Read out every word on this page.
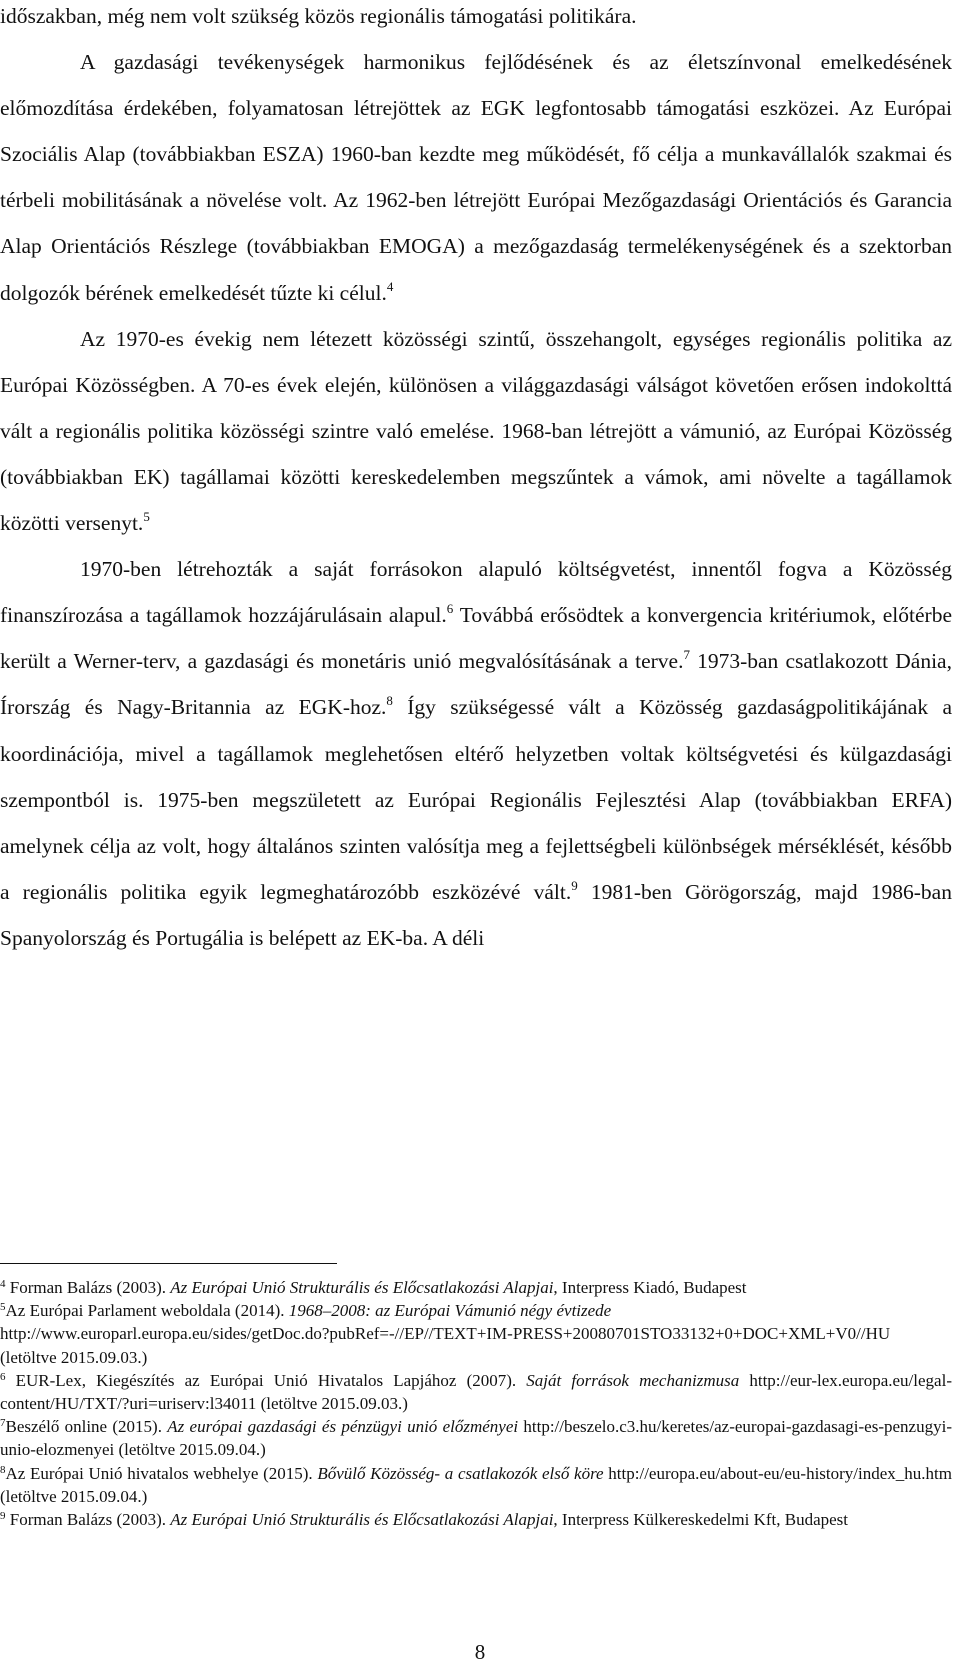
időszakban, még nem volt szükség közös regionális támogatási politikára.

A gazdasági tevékenységek harmonikus fejlődésének és az életszínvonal emelkedésének előmozdítása érdekében, folyamatosan létrejöttek az EGK legfontosabb támogatási eszközei. Az Európai Szociális Alap (továbbiakban ESZA) 1960-ban kezdte meg működését, fő célja a munkavállalók szakmai és térbeli mobilitásának a növelése volt. Az 1962-ben létrejött Európai Mezőgazdasági Orientációs és Garancia Alap Orientációs Részlege (továbbiakban EMOGA) a mezőgazdaság termelékenységének és a szektorban dolgozók bérének emelkedését tűzte ki célul.$^4$

Az 1970-es évekig nem létezett közösségi szintű, összehangolt, egységes regionális politika az Európai Közösségben. A 70-es évek elején, különösen a világgazdasági válságot követően erősen indokolttá vált a regionális politika közösségi szintre való emelése. 1968-ban létrejött a vámunió, az Európai Közösség (továbbiakban EK) tagállamai közötti kereskedelemben megszűntek a vámok, ami növelte a tagállamok közötti versenyt.$^5$

1970-ben létrehozták a saját forrásokon alapuló költségvetést, innentől fogva a Közösség finanszírozása a tagállamok hozzájárulásain alapul.$^6$ Továbbá erősödtek a konvergencia kritériumok, előtérbe került a Werner-terv, a gazdasági és monetáris unió megvalósításának a terve.$^7$ 1973-ban csatlakozott Dánia, Írország és Nagy-Britannia az EGK-hoz.$^8$ Így szükségessé vált a Közösség gazdaságpolitikájának a koordinációja, mivel a tagállamok meglehetősen eltérő helyzetben voltak költségvetési és külgazdasági szempontból is. 1975-ben megszületett az Európai Regionális Fejlesztési Alap (továbbiakban ERFA) amelynek célja az volt, hogy általános szinten valósítja meg a fejlettségbeli különbségek mérséklését, később a regionális politika egyik legmeghatározóbb eszközévé vált.$^9$ 1981-ben Görögország, majd 1986-ban Spanyolország és Portugália is belépett az EK-ba. A déli

$^4$ Forman Balázs (2003). Az Európai Unió Strukturális és Előcsatlakozási Alapjai, Interpress Kiadó, Budapest

$^5$Az Európai Parlament weboldala (2014). 1968–2008: az Európai Vámunió négy évtizede
http://www.europarl.europa.eu/sides/getDoc.do?pubRef=-//EP//TEXT+IM-PRESS+20080701STO33132+0+DOC+XML+V0//HU
(letöltve 2015.09.03.)

$^6$ EUR-Lex, Kiegészítés az Európai Unió Hivatalos Lapjához (2007). Saját források mechanizmusa http://eur-lex.europa.eu/legal-content/HU/TXT/?uri=uriserv:l34011 (letöltve 2015.09.03.)

$^7$Beszélő online (2015). Az európai gazdasági és pénzügyi unió előzményei http://beszelo.c3.hu/keretes/az-europai-gazdasagi-es-penzugyi-unio-elozmenyei (letöltve 2015.09.04.)

$^8$Az Európai Unió hivatalos webhelye (2015). Bővülő Közösség- a csatlakozók első köre http://europa.eu/about-eu/eu-history/index_hu.htm (letöltve 2015.09.04.)

$^9$ Forman Balázs (2003). Az Európai Unió Strukturális és Előcsatlakozási Alapjai, Interpress Külkereskedelmi Kft, Budapest

8
